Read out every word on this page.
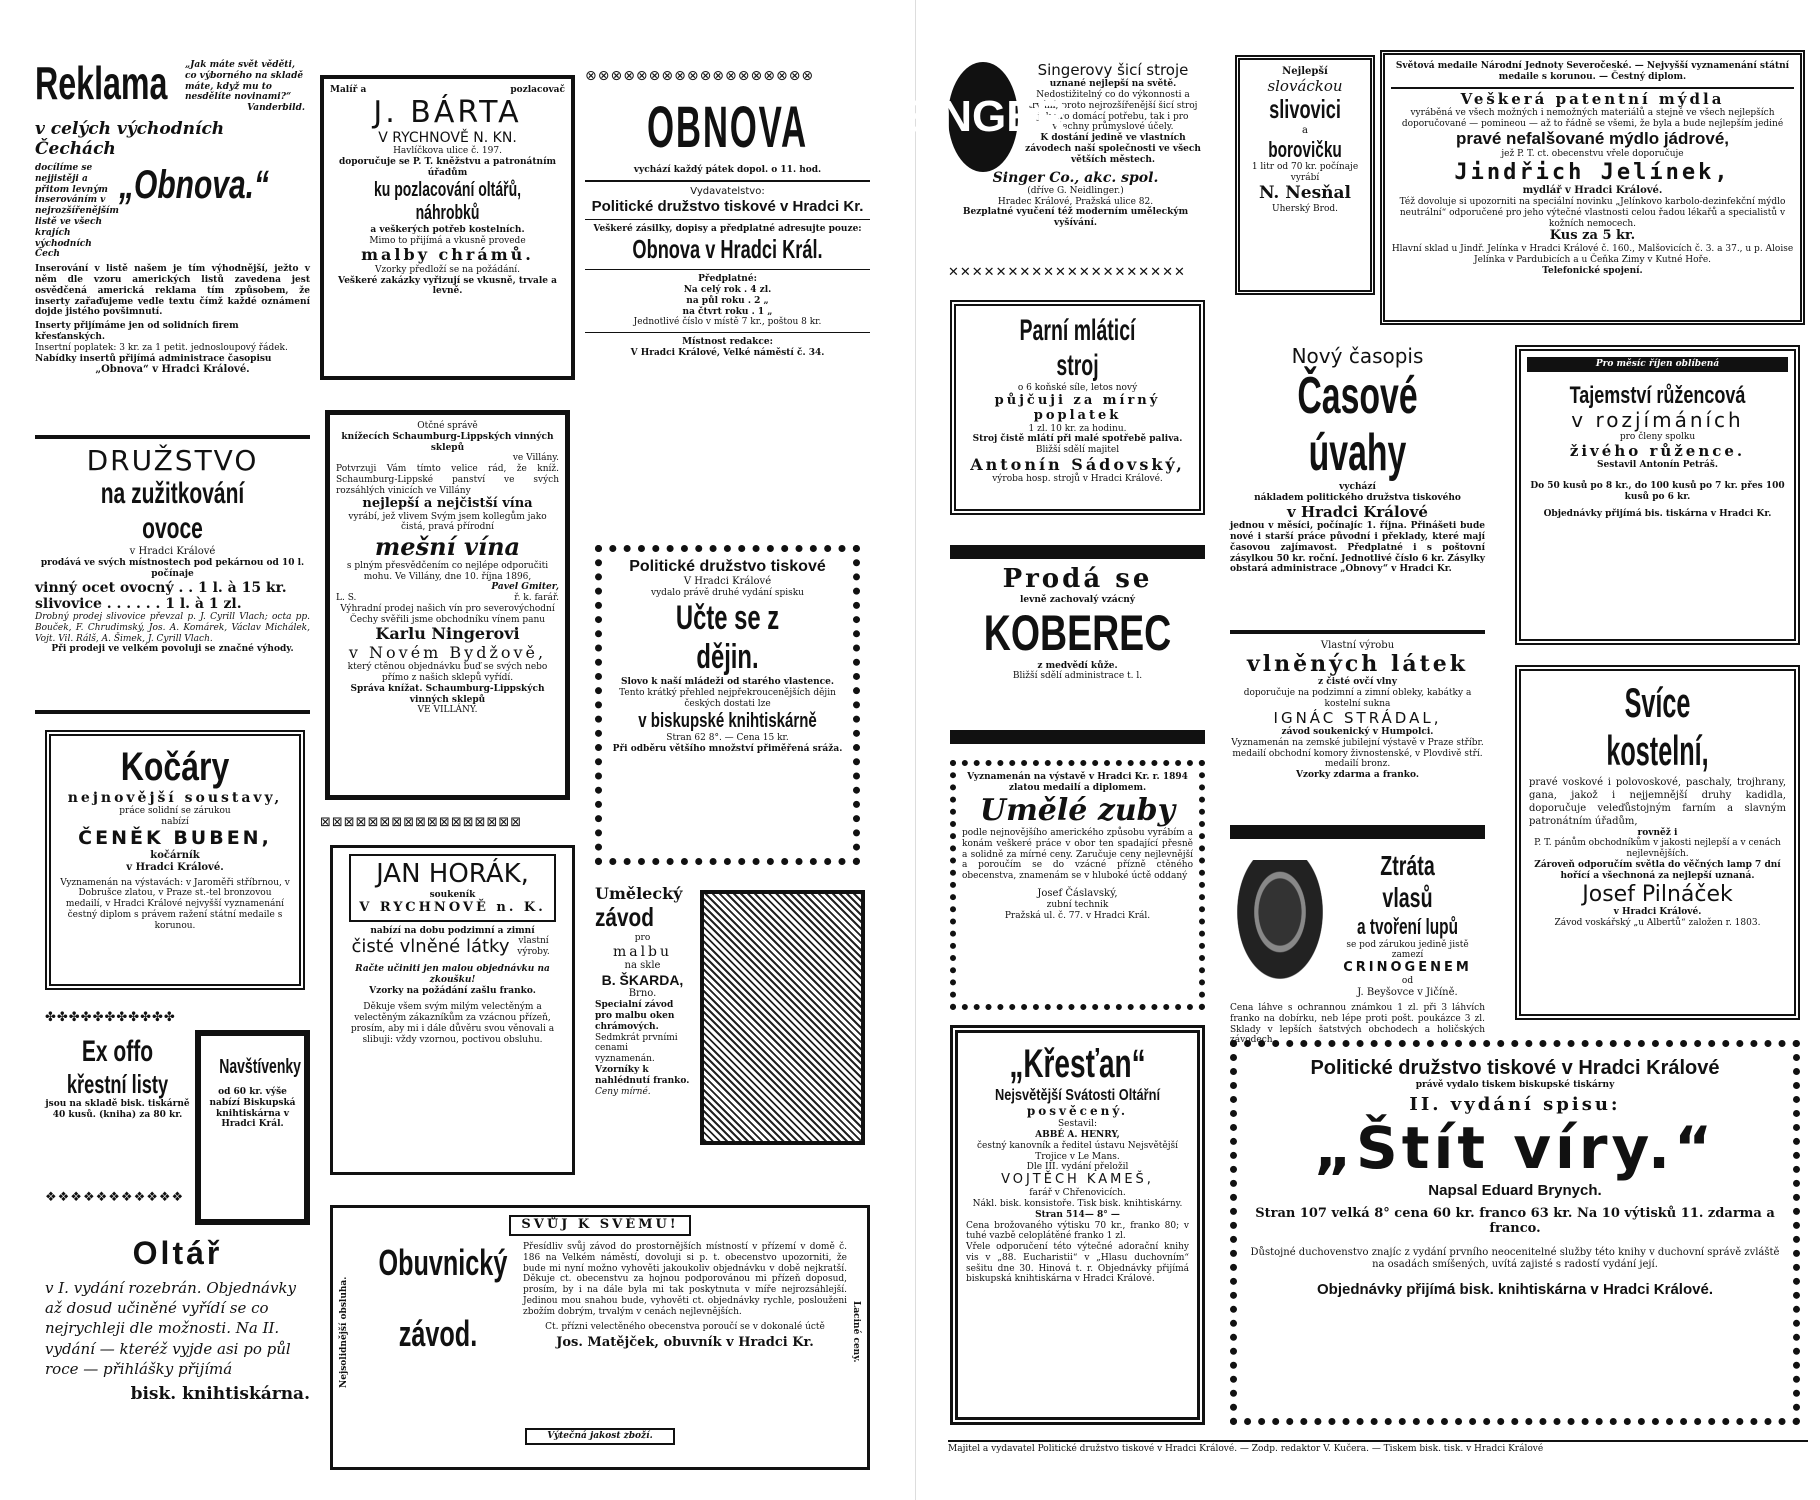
Reklama „Jak máte svět věděti, co výborného na skladě máte, když mu to nesdělíte novinami?“
Vanderbild.
v celých východních Čechách
docílíme se nejjistěji a přitom levným inserováním v nejrozšířenějším listě ve všech krajích východních Čech
„Obnova.“
Inserování v listě našem je tím výhodnější, ježto v něm dle vzoru amerických listů zavedena jest osvědčená americká reklama tím způsobem, že inserty zařaďujeme vedle textu čímž každé oznámení dojde jistého povšimnutí.
Inserty přijímáme jen od solidních firem křesťanských.
Insertní poplatek: 3 kr. za 1 petit. jednosloupový řádek.
Nabídky insertů přijímá administrace časopisu
„Obnova“ v Hradci Králové.
DRUŽSTVO
na zužitkování ovoce
v Hradci Králové
prodává ve svých místnostech pod pekárnou od 10 l. počínaje
vinný ocet ovocný . . 1 l. à 15 kr.
slivovice . . . . . . 1 l. à 1 zl.
Drobný prodej slivovice převzal p. J. Cyrill Vlach; octa pp. Bouček, F. Chrudimský, Jos. A. Komárek, Václav Michálek, Vojt. Vil. Rálš, A. Šimek, J. Cyrill Vlach.
Při prodeji ve velkém povoluji se značné výhody.
Kočáry
nejnovější soustavy,
práce solidní se zárukou
nabízí
ČENĚK BUBEN,
kočárník
v Hradci Králové.
Vyznamenán na výstavách: v Jaroměři stříbrnou, v Dobrušce zlatou, v Praze st.-tel bronzovou medailí, v Hradci Králové nejvyšší vyznamenání čestný diplom s právem ražení státní medaile s korunou.
✤✤✤✤✤✤✤✤✤✤✤
Ex offo
křestní listy
jsou na skladě bisk. tiskárně 40 kusů. (kniha) za 80 kr.
❖❖❖❖❖❖❖❖❖❖❖
Navštívenky
od 60 kr. výše nabízí Biskupská knihtiskárna v Hradci Král.
Oltář
v I. vydání rozebrán. Objednávky až dosud učiněné vyřídí se co nejrychleji dle možnosti. Na II. vydání — kteréž vyjde asi po půl roce — přihlášky přijímá
bisk. knihtiskárna.
Malíř a	pozlacovač
J. BÁRTA
V RYCHNOVĚ N. KN.
Havlíčkova ulice č. 197.
doporučuje se P. T. kněžstvu a patronátním úřadům
ku pozlacování oltářů, náhrobků
a veškerých potřeb kostelních.
Mimo to přijímá a vkusně provede
malby chrámů.
Vzorky předloží se na požádání.
Veškeré zakázky vyřizují se vkusně, trvale a levně.
Otčné správě
knížecích Schaumburg-Lippských vinných sklepů
ve Villány.
Potvrzuji Vám tímto velice rád, že kníž. Schaumburg-Lippské panství ve svých rozsáhlých vinicích ve Villány
nejlepší a nejčistší vína
vyrábí, jež vlivem Svým jsem kollegům jako čistá, pravá přírodní
mešní vína
s plným přesvědčením co nejlépe odporučiti mohu. Ve Villány, dne 10. října 1896,
Pavel Gmiter,
L. S.	ř. k. farář.
Výhradní prodej našich vín pro severovýchodní Čechy svěřili jsme obchodníku vínem panu
Karlu Ningerovi
v Novém Bydžově,
který ctěnou objednávku buď se svých nebo přímo z našich sklepů vyřídí.
Správa knížat. Schaumburg-Lippských vinných sklepů
VE VILLÁNY.
⊠⊠⊠⊠⊠⊠⊠⊠⊠⊠⊠⊠⊠⊠⊠⊠⊠
JAN HORÁK,
soukeník
V RYCHNOVĚ n. K.
nabízí na dobu podzimní a zimní
čisté vlněné látky vlastní výroby.
Račte učiniti jen malou objednávku na zkoušku!
Vzorky na požádání zašlu franko.
Děkuje všem svým milým velectěným a velectěným zákazníkům za vzácnou přízeň, prosím, aby mi i dále důvěru svou věnovali a slibuji: vždy vzornou, poctivou obsluhu.
⊗⊗⊗⊗⊗⊗⊗⊗⊗⊗⊗⊗⊗⊗⊗⊗⊗⊗
OBNOVA
vychází každý pátek dopol. o 11. hod.
Vydavatelstvo:
Politické družstvo tiskové v Hradci Kr.
Veškeré zásilky, dopisy a předplatné adresujte pouze:
Obnova v Hradci Král.
Předplatné:
Na celý rok . 4 zl.
na půl roku . 2 „
na čtvrt roku . 1 „
Jednotlivé číslo v místě 7 kr., poštou 8 kr.
Místnost redakce:
V Hradci Králové, Velké náměstí č. 34.
Politické družstvo tiskové
V Hradci Králové
vydalo právě druhé vydání spisku
Učte se z dějin.
Slovo k naší mládeži od starého vlastence.
Tento krátký přehled nejpřekroucenějších dějin českých dostati lze
v biskupské knihtiskárně
Stran 62 8°. — Cena 15 kr.
Při odběru většího množství přiměřená sráža.
Umělecký
závod
pro
malbu
na skle
B. ŠKARDA,
Brno.
Specialní závod pro malbu oken chrámových.
Sedmkrát prvními cenami vyznamenán.
Vzorníky k nahlédnutí franko.
Ceny mírné.
SVŮJ K SVÉMU!
Nejsolidnější obsluha.
Obuvnický
závod.
Přesídliv svůj závod do prostornějších místností v přízemí v domě č. 186 na Velkém náměstí, dovoluji si p. t. obecenstvo upozorniti, že bude mi nyní možno vyhověti jakoukoliv objednávku v době nejkratší. Děkuje ct. obecenstvu za hojnou podporovánou mi přízeň doposud, prosím, by i na dále byla mi tak poskytnuta v míře nejrozsáhlejší. Jedinou mou snahou bude, vyhověti ct. objednávky rychle, poslouženi zbožím dobrým, trvalým v cenách nejlevnějších.
Ct. přízni velectěného obecenstva poroučí se v dokonalé úctě
Jos. Matějček, obuvník v Hradci Kr.	Laciné ceny.
Výtečná jakost zboží.
SINGER
Singerovy šicí stroje
uznané nejlepší na světě.
Nedostižitelný co do výkonnosti a trvání, proto nejrozšířenější šicí stroj jak pro domácí potřebu, tak i pro všechny průmyslové účely.
K dostání jedině ve vlastních závodech naší společnosti ve všech větších městech.
Singer Co., akc. spol.
(dříve G. Neidlinger.)
Hradec Králové, Pražská ulice 82.
Bezplatné vyučení též moderním uměleckým vyšívání.
✕✕✕✕✕✕✕✕✕✕✕✕✕✕✕✕✕✕✕✕
Parní mláticí stroj
o 6 koňské síle, letos nový
půjčuji za mírný poplatek
1 zl. 10 kr. za hodinu.
Stroj čistě mlátí při malé spotřebě paliva.
Bližší sdělí majitel
Antonín Sádovský,
výroba hosp. strojů v Hradci Králové.
Prodá se
levně zachovalý vzácný
KOBEREC
z medvědí kůže.
Bližší sdělí administrace t. l.
Vyznamenán na výstavě v Hradci Kr. r. 1894 zlatou medailí a diplomem.
Umělé zuby
podle nejnovějšího amerického způsobu vyrábím a konám veškeré práce v obor ten spadající přesně a solidně za mírné ceny. Zaručuje ceny nejlevnější a poroučím se do vzácné přízně ctěného obecenstva, znamenám se v hluboké úctě oddaný
Josef Čáslavský,
zubní technik
Pražská ul. č. 77. v Hradci Král.
„Křesťan“
Nejsvětější Svátosti Oltářní
posvěcený.
Sestavil:
ABBÉ A. HENRY,
čestný kanovník a ředitel ústavu Nejsvětější Trojice v Le Mans.
Dle III. vydání přeložil
VOJTĚCH KAMEŠ,
farář v Chřenovicích.
Nákl. bisk. konsistoře. Tisk bisk. knihtiskárny.
Stran 514— 8° —
Cena brožovaného výtisku 70 kr., franko 80; v tuhé vazbě celoplátěné franko 1 zl.
Vřele odporučení této výtečné adorační knihy vis v „88. Eucharistii“ v „Hlasu duchovním“ sešitu dne 30. Hinová t. r. Objednávky přijímá biskupská knihtiskárna v Hradci Králové.
Nejlepší
slováckou
slivovici
a
borovičku
1 litr od 70 kr. počínaje vyrábí
N. Nesňal
Uherský Brod.
Nový časopis
Časové úvahy
vychází
nákladem politického družstva tiskového
v Hradci Králové
jednou v měsíci, počínajíc 1. října. Přinášeti bude nové i starší práce původní i překlady, které mají časovou zajímavost. Předplatné i s poštovní zásylkou 50 kr. roční. Jednotlivé číslo 6 kr. Zásylky obstará administrace „Obnovy“ v Hradci Kr.
Vlastní výrobu
vlněných látek
z čisté ovčí vlny
doporučuje na podzimní a zimní obleky, kabátky a kostelní sukna
IGNÁC STRÁDAL,
závod soukenický v Humpolci.
Vyznamenán na zemské jubilejní výstavě v Praze stříbr. medailí obchodní komory živnostenské, v Plovdivě stří. medailí bronz.
Vzorky zdarma a franko.
Ztráta vlasů
a tvoření lupů
se pod zárukou jedině jistě zamezí
CRINOGENEM
od
J. Beyšovce v Jičíně.
Cena láhve s ochrannou známkou 1 zl. při 3 láhvích franko na dobírku, neb lépe proti pošt. poukázce 3 zl. Sklady v lepších šatstvých obchodech a holičských závodech.
Světová medaile Národní Jednoty Severočeské. — Nejvyšší vyznamenání státní medaile s korunou. — Čestný diplom.
Veškerá patentní mýdla
vyráběná ve všech možných i nemožných materiálů a stejně ve všech nejlepších doporučované — pomineou — až to řádně se všemi, že byla a bude nejlepším jediné
pravé nefalšované mýdlo jádrové,
jež P. T. ct. obecenstvu vřele doporučuje
Jindřich Jelínek,
mydlář v Hradci Králové.
Též dovoluje si upozorniti na speciální novinku „Jelínkovo karbolo-dezinfekční mýdlo neutrální“ odporučené pro jeho výtečné vlastnosti celou řadou lékařů a specialistů v kožních nemocech.
Kus za 5 kr.
Hlavní sklad u Jindř. Jelínka v Hradci Králové č. 160., Malšovicích č. 3. a 37., u p. Aloise Jelínka v Pardubicích a u Čeňka Zimy v Kutné Hoře.
Telefonické spojení.
Pro měsíc říjen oblíbená
Tajemství růžencová
v rozjímáních
pro členy spolku
živého růžence.
Sestavil Antonín Petráš.
Do 50 kusů po 8 kr., do 100 kusů po 7 kr. přes 100 kusů po 6 kr.
Objednávky přijímá bis. tiskárna v Hradci Kr.
Svíce kostelní,
pravé voskové i polovoskové, paschaly, trojhrany, gana, jakož i nejjemnější druhy kadidla, doporučuje veleďůstojným farním a slavným patronátním úřadům,
rovněž i
P. T. pánům obchodníkům v jakosti nejlepší a v cenách nejlevnějších.
Zároveň odporučím světla do věčných lamp 7 dní hořící a všechnoná za nejlepší uznaná.
Josef Pilnáček
v Hradci Králové.
Závod voskářský „u Albertů“ založen r. 1803.
Politické družstvo tiskové v Hradci Králové
právě vydalo tiskem biskupské tiskárny
II. vydání spisu:
„Štít víry.“
Napsal Eduard Brynych.
Stran 107 velká 8° cena 60 kr. franco 63 kr. Na 10 výtisků 11. zdarma a franco.
Důstojné duchovenstvo znajíc z vydání prvního neocenitelné služby této knihy v duchovní správě zvláště na osadách smíšených, uvítá zajisté s radostí vydání její.
Objednávky přijímá bisk. knihtiskárna v Hradci Králové.
Majitel a vydavatel Politické družstvo tiskové v Hradci Králové. — Zodp. redaktor V. Kučera. — Tiskem bisk. tisk. v Hradci Králové
